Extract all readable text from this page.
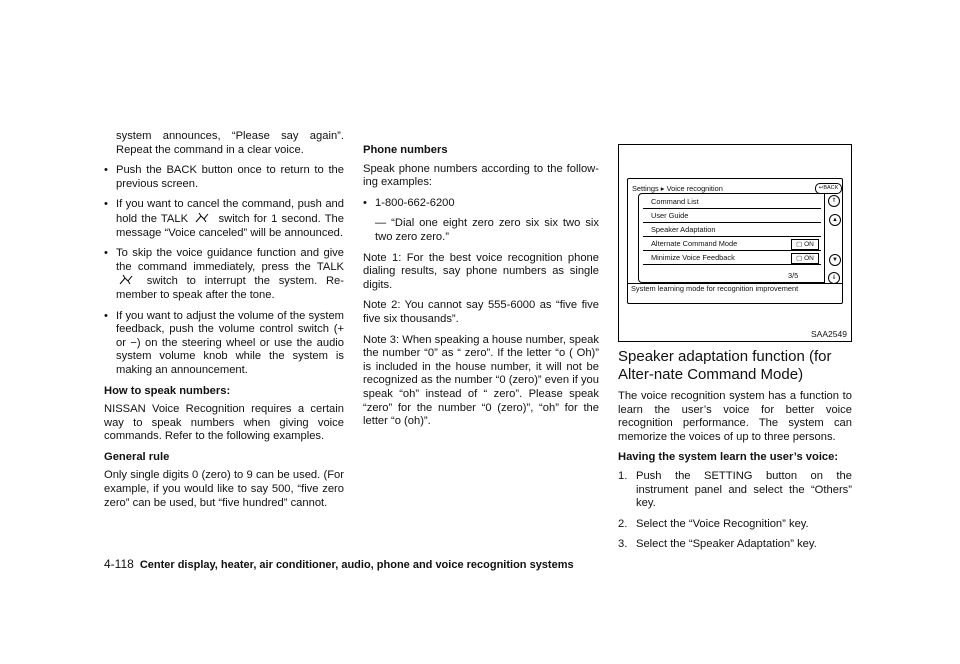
system announces, “Please say again”. Repeat the command in a clear voice.

• Push the BACK button once to return to the previous screen.
• If you want to cancel the command, push and hold the TALK	switch for 1 second. The message “Voice canceled” will be announced.
• To skip the voice guidance function and give the command immediately, press the TALK  switch to interrupt the system. Re-member to speak after the tone.
• If you want to adjust the volume of the system feedback, push the volume control switch (+ or −) on the steering wheel or use the audio system volume knob while the system is making an announcement.
How to speak numbers:

NISSAN Voice Recognition requires a certain way to speak numbers when giving voice commands. Refer to the following examples.

General rule

Only single digits 0 (zero) to 9 can be used. (For example, if you would like to say 500, “five zero zero” can be used, but “five hundred” cannot.

Phone numbers

Speak phone numbers according to the follow-ing examples:

• 1-800-662-6200

— “Dial one eight zero zero six six two six two zero zero.”

Note 1: For the best voice recognition phone dialing results, say phone numbers as single digits.

Note 2: You cannot say 555-6000 as “five five five six thousands”.

Note 3: When speaking a house number, speak the number “0” as “ zero”. If the letter “o ( Oh)” is included in the house number, it will not be recognized as the number “0 (zero)” even if you speak “oh” instead of “ zero”. Please speak “zero” for the number “0 (zero)”, “oh” for the letter “o (oh)”.

Settings ▸ Voice recognition	↩BACK
Command List
User Guide
Speaker Adaptation
Alternate Command Mode	▢ ON
Minimize Voice Feedback	▢ ON
3/5
System learning mode for recognition improvement
⇑
▲
▼
⇓
SAA2549
Speaker adaptation function (for Alter-nate Command Mode)

The voice recognition system has a function to learn the user’s voice for better voice recognition performance. The system can memorize the voices of up to three persons.

Having the system learn the user’s voice:
1. Push the SETTING button on the instrument panel and select the “Others” key.
2. Select the “Voice Recognition” key.
3. Select the “Speaker Adaptation” key.
4-118 Center display, heater, air conditioner, audio, phone and voice recognition systems
